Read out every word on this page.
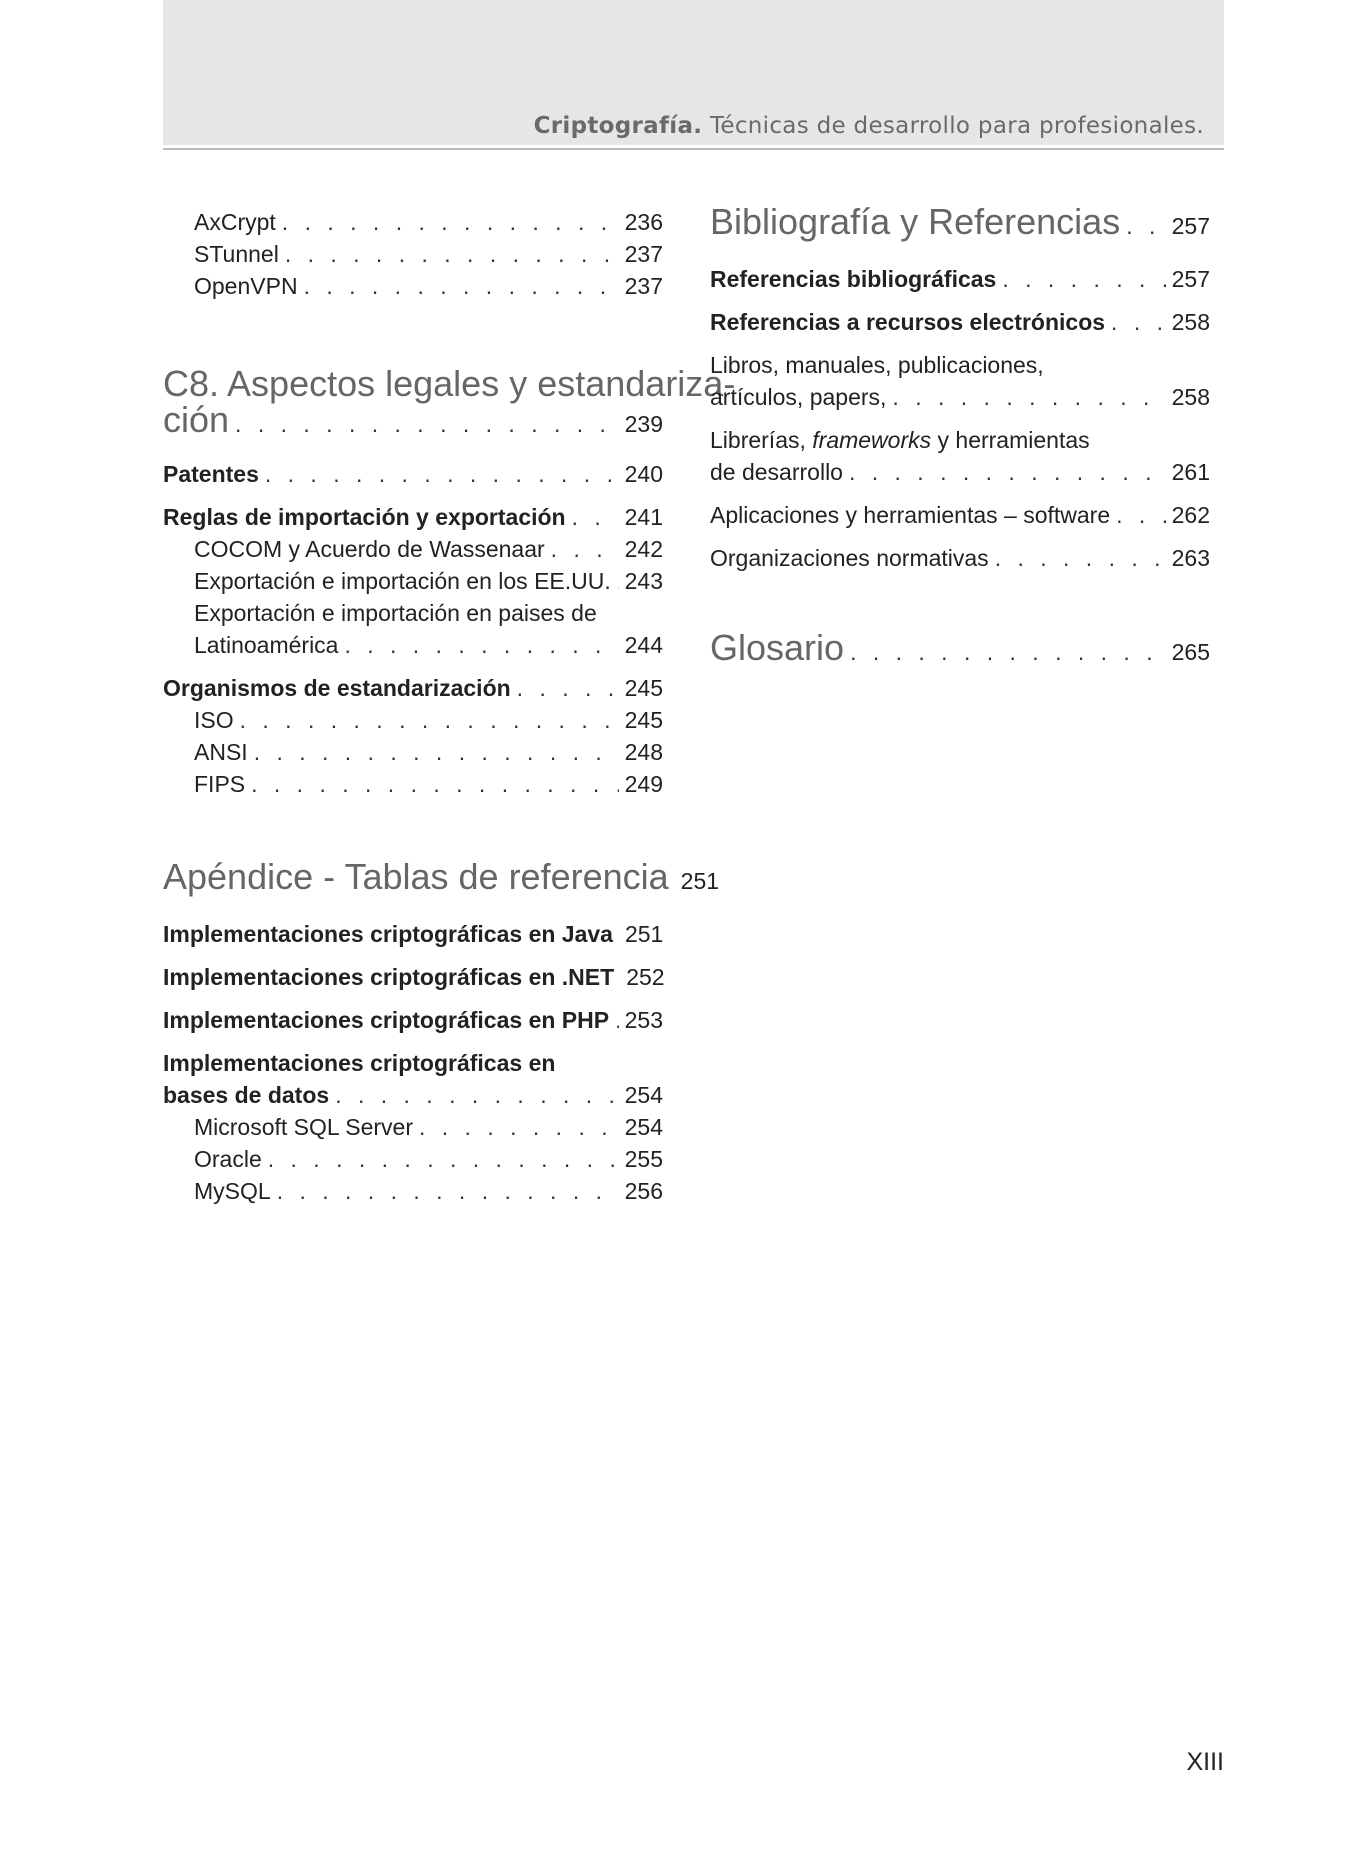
Criptografía. Técnicas de desarrollo para profesionales.
AxCrypt . . .	236
STunnel . . .	237
OpenVPN . . .	237
C8. Aspectos legales y estandariza-
ción . . .	239
Patentes . . .	240
Reglas de importación y exportación . . .	241
COCOM y Acuerdo de Wassenaar . . .	242
Exportación e importación en los EE.UU. . . . 243
Exportación e importación en paises de
Latinoamérica . . .	244
Organismos de estandarización . . .	245
ISO . . .	245
ANSI . . .	248
FIPS . . .	249
Apéndice - Tablas de referencia 251
Implementaciones criptográficas en Java 251
Implementaciones criptográficas en .NET 252
Implementaciones criptográficas en PHP . . . 253
Implementaciones criptográficas en
bases de datos . . .	254
Microsoft SQL Server . . .	254
Oracle . . .	255
MySQL . . .	256
Bibliografía y Referencias . . . 257
Referencias bibliográficas . . .	257
Referencias a recursos electrónicos . . .	258
Libros, manuales, publicaciones,
artículos, papers, . . .	258
Librerías, frameworks y herramientas
de desarrollo . . .	261
Aplicaciones y herramientas – software . . .	262
Organizaciones normativas . . .	263
Glosario . . .	265
XIII
